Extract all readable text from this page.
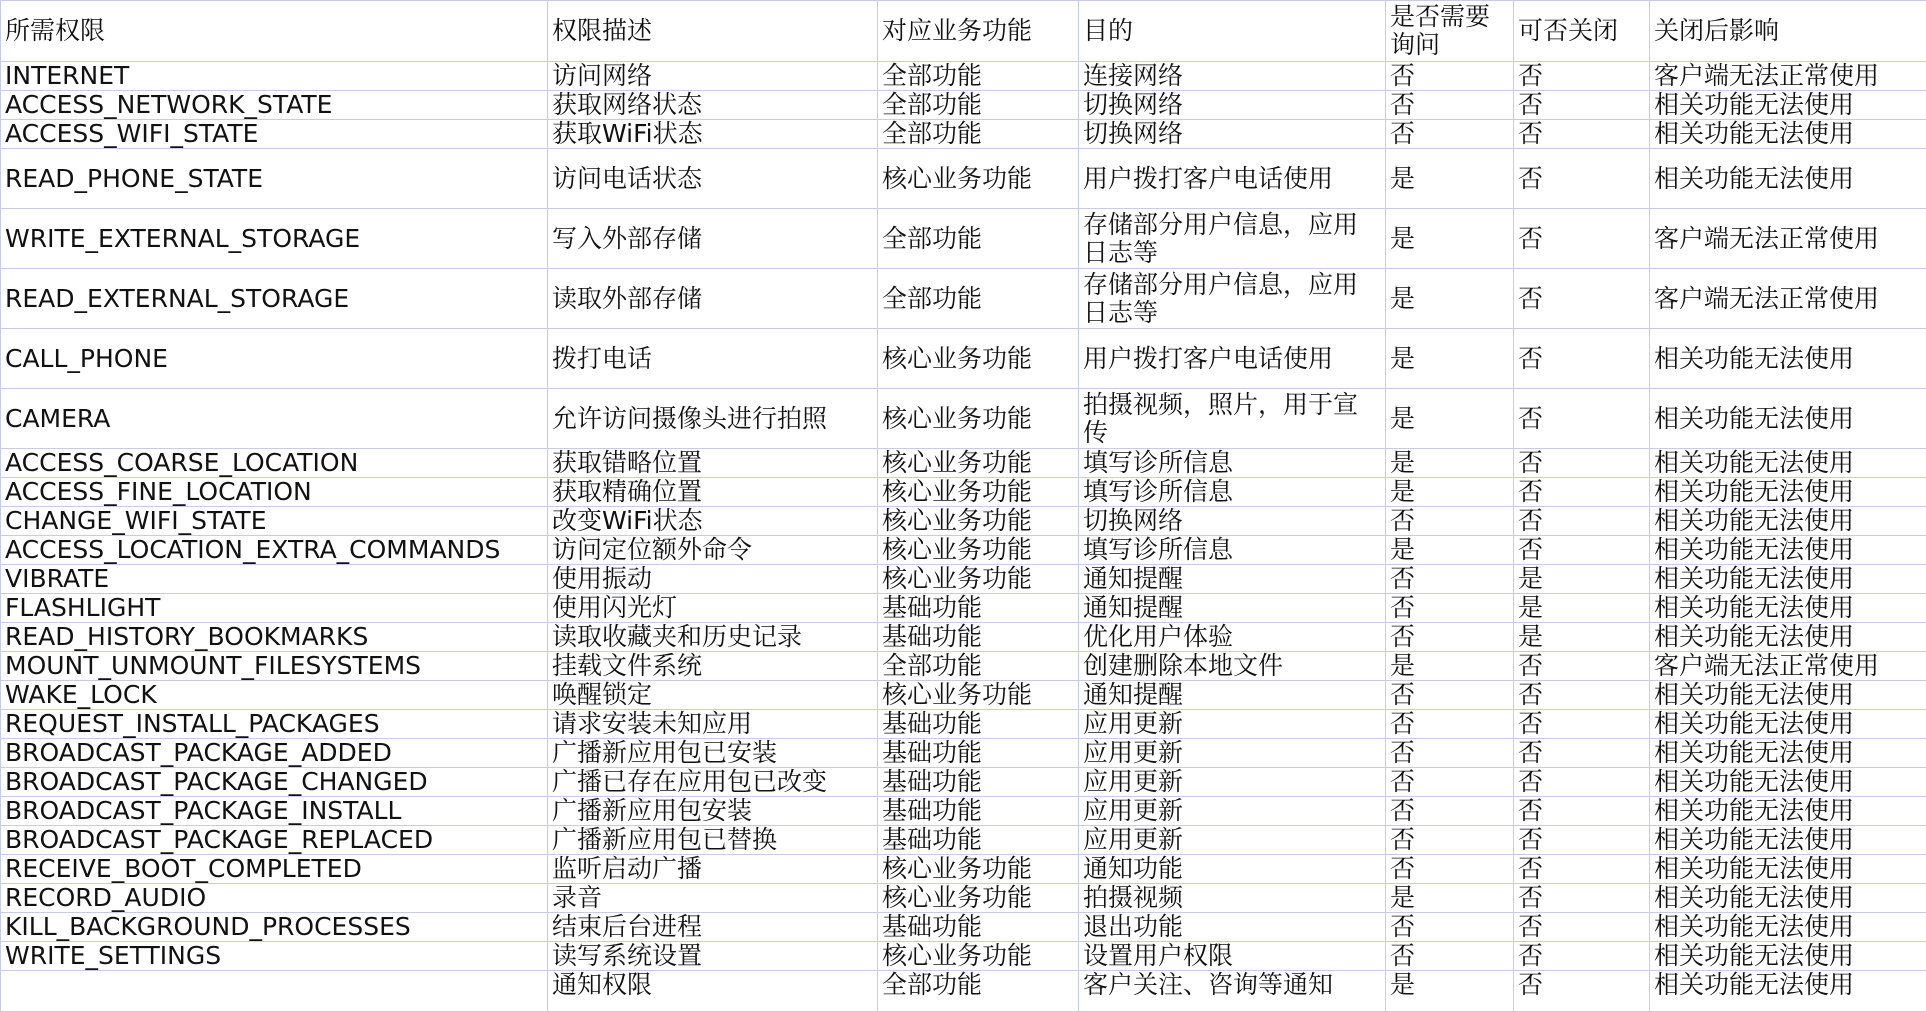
所需权限	权限描述	对应业务功能	目的	是否需要询问	可否关闭	关闭后影响
INTERNET	访问网络	全部功能	连接网络	否	否	客户端无法正常使用
ACCESS_NETWORK_STATE	获取网络状态	全部功能	切换网络	否	否	相关功能无法使用
ACCESS_WIFI_STATE	获取WiFi状态	全部功能	切换网络	否	否	相关功能无法使用
READ_PHONE_STATE	访问电话状态	核心业务功能	用户拨打客户电话使用	是	否	相关功能无法使用
WRITE_EXTERNAL_STORAGE	写入外部存储	全部功能	存储部分用户信息，应用日志等	是	否	客户端无法正常使用
READ_EXTERNAL_STORAGE	读取外部存储	全部功能	存储部分用户信息，应用日志等	是	否	客户端无法正常使用
CALL_PHONE	拨打电话	核心业务功能	用户拨打客户电话使用	是	否	相关功能无法使用
CAMERA	允许访问摄像头进行拍照	核心业务功能	拍摄视频，照片，用于宣传	是	否	相关功能无法使用
ACCESS_COARSE_LOCATION	获取错略位置	核心业务功能	填写诊所信息	是	否	相关功能无法使用
ACCESS_FINE_LOCATION	获取精确位置	核心业务功能	填写诊所信息	是	否	相关功能无法使用
CHANGE_WIFI_STATE	改变WiFi状态	核心业务功能	切换网络	否	否	相关功能无法使用
ACCESS_LOCATION_EXTRA_COMMANDS	访问定位额外命令	核心业务功能	填写诊所信息	是	否	相关功能无法使用
VIBRATE	使用振动	核心业务功能	通知提醒	否	是	相关功能无法使用
FLASHLIGHT	使用闪光灯	基础功能	通知提醒	否	是	相关功能无法使用
READ_HISTORY_BOOKMARKS	读取收藏夹和历史记录	基础功能	优化用户体验	否	是	相关功能无法使用
MOUNT_UNMOUNT_FILESYSTEMS	挂载文件系统	全部功能	创建删除本地文件	是	否	客户端无法正常使用
WAKE_LOCK	唤醒锁定	核心业务功能	通知提醒	否	否	相关功能无法使用
REQUEST_INSTALL_PACKAGES	请求安装未知应用	基础功能	应用更新	否	否	相关功能无法使用
BROADCAST_PACKAGE_ADDED	广播新应用包已安装	基础功能	应用更新	否	否	相关功能无法使用
BROADCAST_PACKAGE_CHANGED	广播已存在应用包已改变	基础功能	应用更新	否	否	相关功能无法使用
BROADCAST_PACKAGE_INSTALL	广播新应用包安装	基础功能	应用更新	否	否	相关功能无法使用
BROADCAST_PACKAGE_REPLACED	广播新应用包已替换	基础功能	应用更新	否	否	相关功能无法使用
RECEIVE_BOOT_COMPLETED	监听启动广播	核心业务功能	通知功能	否	否	相关功能无法使用
RECORD_AUDIO	录音	核心业务功能	拍摄视频	是	否	相关功能无法使用
KILL_BACKGROUND_PROCESSES	结束后台进程	基础功能	退出功能	否	否	相关功能无法使用
WRITE_SETTINGS	读写系统设置	核心业务功能	设置用户权限	否	否	相关功能无法使用
	通知权限	全部功能	客户关注、咨询等通知	是	否	相关功能无法使用
